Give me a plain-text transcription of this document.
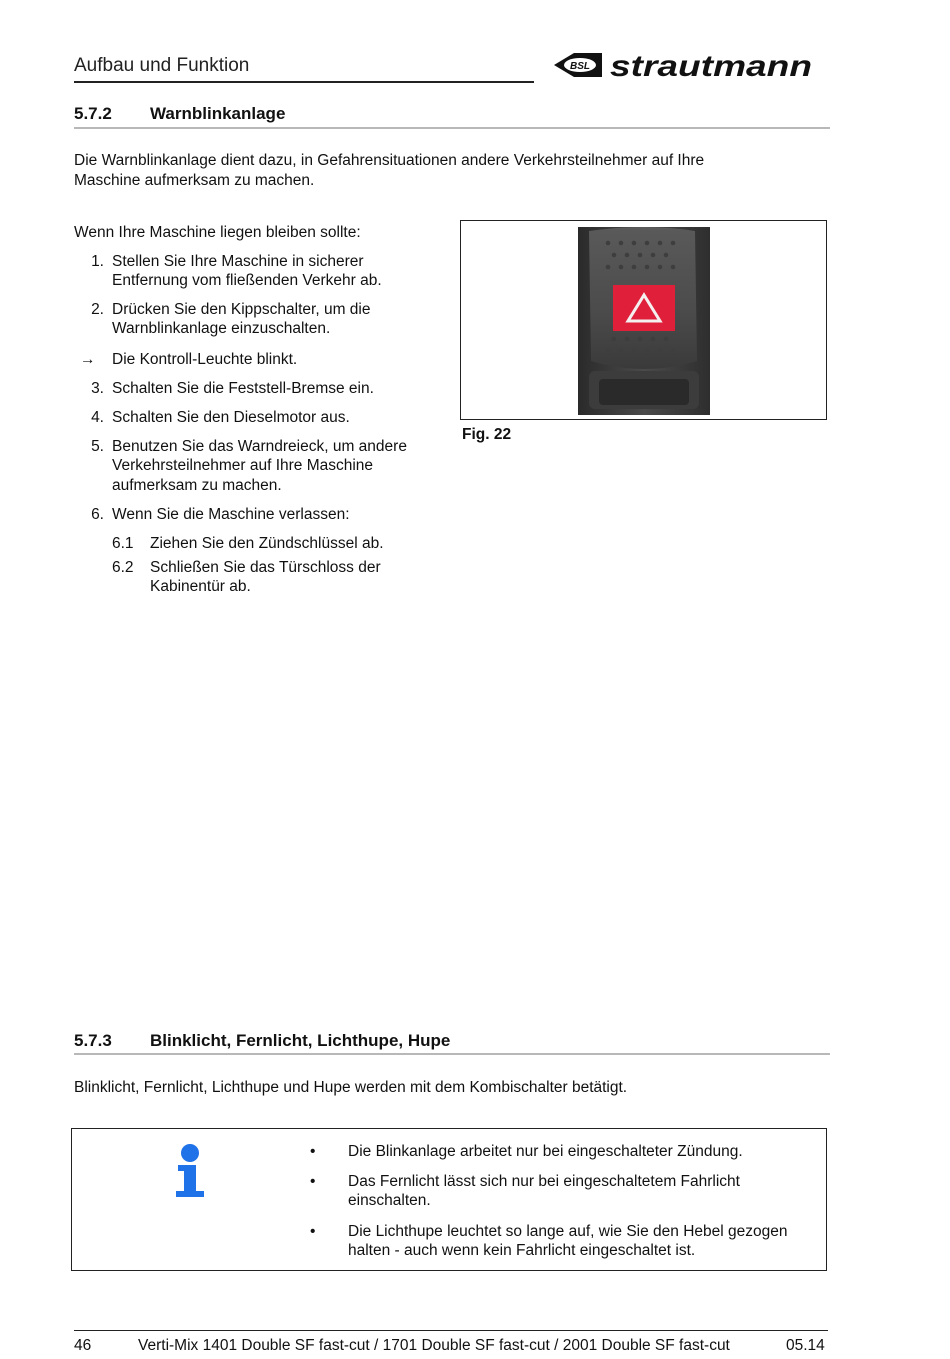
Aufbau und Funktion	BSL strautmann
5.7.2 Warnblinkanlage
Die Warnblinkanlage dient dazu, in Gefahrensituationen andere Verkehrsteilnehmer auf Ihre
Maschine aufmerksam zu machen.
Wenn Ihre Maschine liegen bleiben sollte:
1. Stellen Sie Ihre Maschine in sicherer
Entfernung vom fließenden Verkehr ab.
2. Drücken Sie den Kippschalter, um die
Warnblinkanlage einzuschalten.
→ Die Kontroll-Leuchte blinkt.
3. Schalten Sie die Feststell-Bremse ein.
4. Schalten Sie den Dieselmotor aus.
5. Benutzen Sie das Warndreieck, um andere
Verkehrsteilnehmer auf Ihre Maschine
aufmerksam zu machen.
6. Wenn Sie die Maschine verlassen:
6.1 Ziehen Sie den Zündschlüssel ab.
6.2 Schließen Sie das Türschloss der
Kabinentür ab.
Fig. 22
5.7.3 Blinklicht, Fernlicht, Lichthupe, Hupe
Blinklicht, Fernlicht, Lichthupe und Hupe werden mit dem Kombischalter betätigt.
• Die Blinkanlage arbeitet nur bei eingeschalteter Zündung.
• Das Fernlicht lässt sich nur bei eingeschaltetem Fahrlicht
einschalten.
• Die Lichthupe leuchtet so lange auf, wie Sie den Hebel gezogen
halten - auch wenn kein Fahrlicht eingeschaltet ist.
46	Verti-Mix 1401 Double SF fast-cut / 1701 Double SF fast-cut / 2001 Double SF fast-cut	05.14
